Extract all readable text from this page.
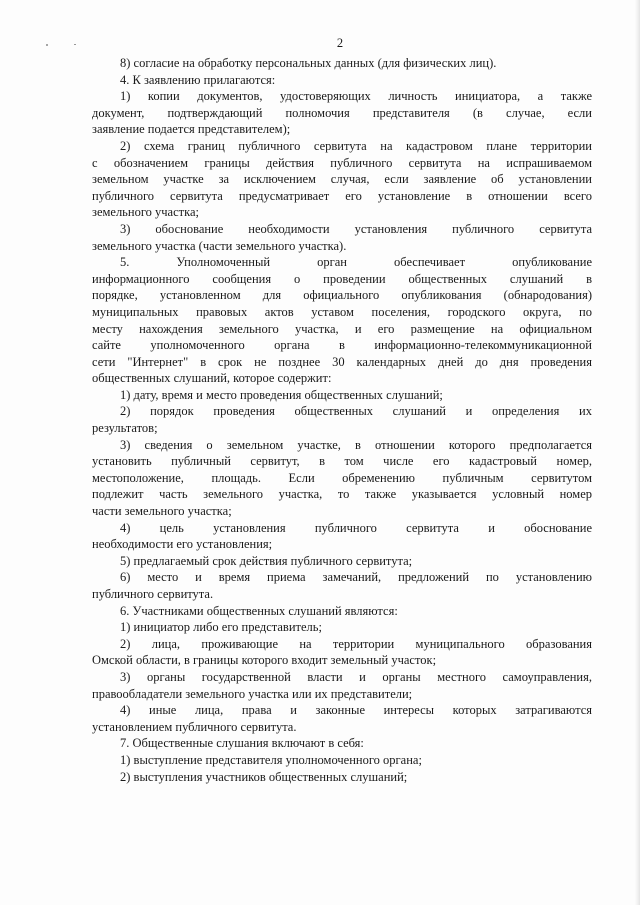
2
8) согласие на обработку персональных данных (для физических лиц).
4. К заявлению прилагаются:
1) копии документов, удостоверяющих личность инициатора, а также
документ, подтверждающий полномочия представителя (в случае, если
заявление подается представителем);
2) схема границ публичного сервитута на кадастровом плане территории
с обозначением границы действия публичного сервитута на испрашиваемом
земельном участке за исключением случая, если заявление об установлении
публичного сервитута предусматривает его установление в отношении всего
земельного участка;
3) обоснование необходимости установления публичного сервитута
земельного участка (части земельного участка).
5. Уполномоченный орган обеспечивает опубликование
информационного сообщения о проведении общественных слушаний в
порядке, установленном для официального опубликования (обнародования)
муниципальных правовых актов уставом поселения, городского округа, по
месту нахождения земельного участка, и его размещение на официальном
сайте уполномоченного органа в информационно-телекоммуникационной
сети "Интернет" в срок не позднее 30 календарных дней до дня проведения
общественных слушаний, которое содержит:
1) дату, время и место проведения общественных слушаний;
2) порядок проведения общественных слушаний и определения их
результатов;
3) сведения о земельном участке, в отношении которого предполагается
установить публичный сервитут, в том числе его кадастровый номер,
местоположение, площадь. Если обременению публичным сервитутом
подлежит часть земельного участка, то также указывается условный номер
части земельного участка;
4) цель установления публичного сервитута и обоснование
необходимости его установления;
5) предлагаемый срок действия публичного сервитута;
6) место и время приема замечаний, предложений по установлению
публичного сервитута.
6. Участниками общественных слушаний являются:
1) инициатор либо его представитель;
2) лица, проживающие на территории муниципального образования
Омской области, в границы которого входит земельный участок;
3) органы государственной власти и органы местного самоуправления,
правообладатели земельного участка или их представители;
4) иные лица, права и законные интересы которых затрагиваются
установлением публичного сервитута.
7. Общественные слушания включают в себя:
1) выступление представителя уполномоченного органа;
2) выступления участников общественных слушаний;
